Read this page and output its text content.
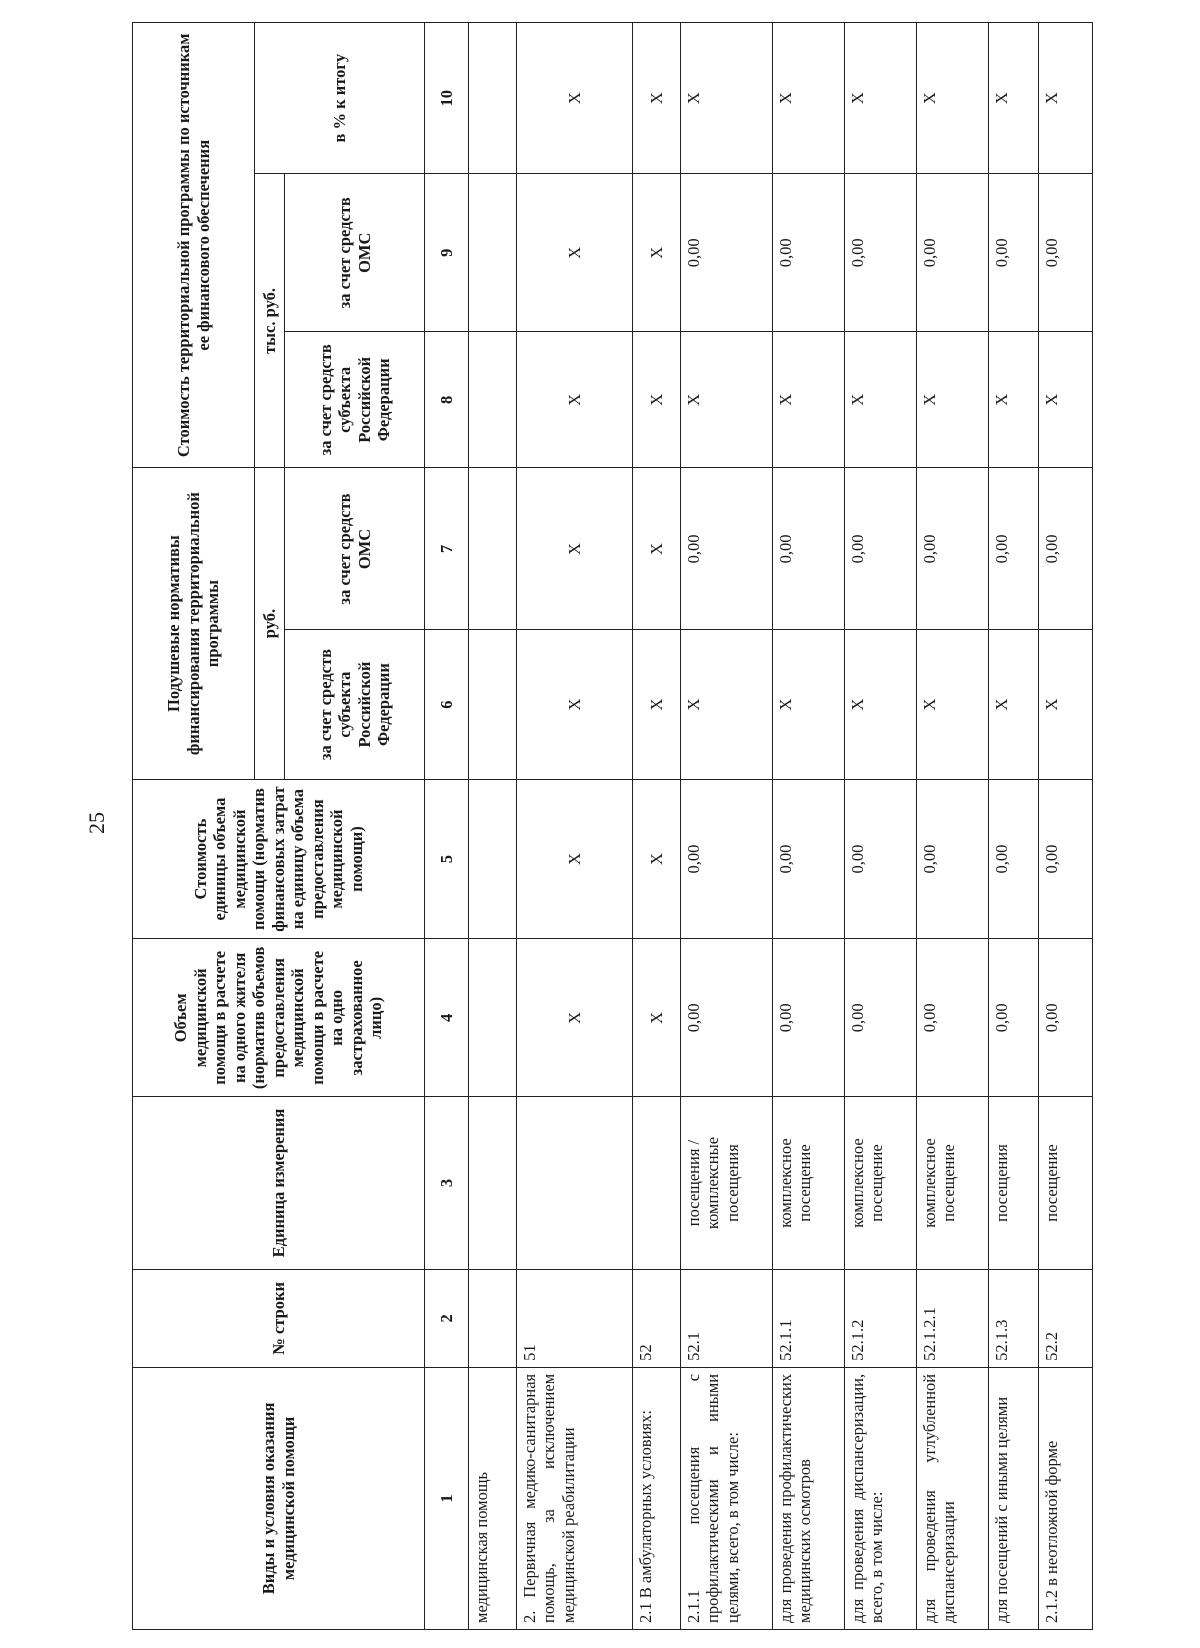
25
Виды и условия оказания медицинской помощи	№ строки	Единица измерения	Объем медицинской помощи в расчете на одного жителя (норматив объемов предоставления медицинской помощи в расчете на одно застрахованное лицо)	Стоимость единицы объема медицинской помощи (норматив финансовых затрат на единицу объема предоставления медицинской помощи)	Подушевые нормативы финансирования территориальной программы		Стоимость территориальной программы по источникам ее финансового обеспечения		
					руб.		тыс. руб.		в % к итогу
					за счет средств субъекта Российской Федерации	за счет средств ОМС	за счет средств субъекта Российской Федерации	за счет средств ОМС	
1	2	3	4	5	6	7	8	9	10
медицинская помощь									
2. Первичная медико-санитарная помощь, за исключением медицинской реабилитации	51		X	X	X	X	X	X	X
2.1 В амбулаторных условиях:	52		X	X	X	X	X	X	X
2.1.1 посещения с профилактическими и иными целями, всего, в том числе:	52.1	посещения / комплексные посещения	0,00	0,00	X	0,00	X	0,00	X
для проведения профилактических медицинских осмотров	52.1.1	комплексное посещение	0,00	0,00	X	0,00	X	0,00	X
для проведения диспансеризации, всего, в том числе:	52.1.2	комплексное посещение	0,00	0,00	X	0,00	X	0,00	X
для проведения углубленной диспансеризации	52.1.2.1	комплексное посещение	0,00	0,00	X	0,00	X	0,00	X
для посещений с иными целями	52.1.3	посещения	0,00	0,00	X	0,00	X	0,00	X
2.1.2 в неотложной форме	52.2	посещение	0,00	0,00	X	0,00	X	0,00	X
